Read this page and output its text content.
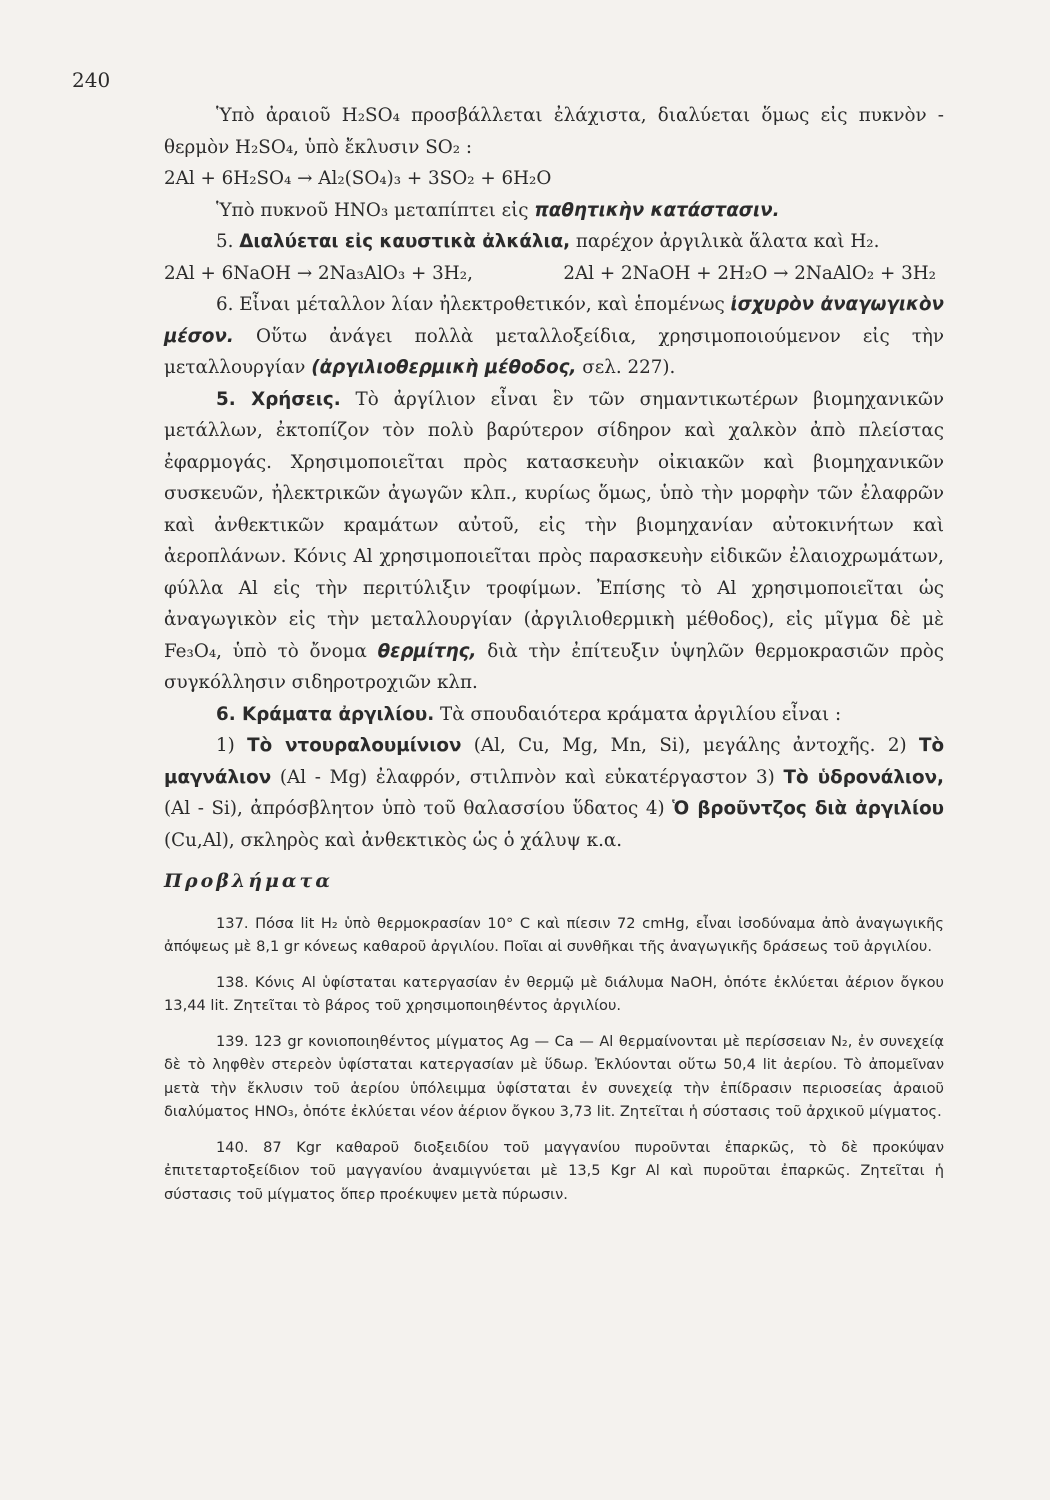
240

Ὑπὸ ἀραιοῦ H₂SO₄ προσβάλλεται ἐλάχιστα, διαλύεται ὅμως εἰς πυκνὸν - θερμὸν H₂SO₄, ὑπὸ ἔκλυσιν SO₂ :

2Al + 6H₂SO₄ → Al₂(SO₄)₃ + 3SO₂ + 6H₂O

Ὑπὸ πυκνοῦ HNO₃ μεταπίπτει εἰς παθητικὴν κατάστασιν.

5. Διαλύεται εἰς καυστικὰ ἀλκάλια, παρέχον ἀργιλικὰ ἅλατα καὶ H₂.

2Al + 6NaOH → 2Na₃AlO₃ + 3H₂,	2Al + 2NaOH + 2H₂O → 2NaAlO₂ + 3H₂

6. Εἶναι μέταλλον λίαν ἠλεκτροθετικόν, καὶ ἑπομένως ἰσχυρὸν ἀναγωγικὸν μέσον. Οὕτω ἀνάγει πολλὰ μεταλλοξείδια, χρησιμοποιούμενον εἰς τὴν μεταλλουργίαν (ἀργιλιοθερμικὴ μέθοδος, σελ. 227).

5. Χρήσεις. Τὸ ἀργίλιον εἶναι ἓν τῶν σημαντικωτέρων βιομηχανικῶν μετάλλων, ἐκτοπίζον τὸν πολὺ βαρύτερον σίδηρον καὶ χαλκὸν ἀπὸ πλείστας ἐφαρμογάς. Χρησιμοποιεῖται πρὸς κατασκευὴν οἰκιακῶν καὶ βιομηχανικῶν συσκευῶν, ἠλεκτρικῶν ἀγωγῶν κλπ., κυρίως ὅμως, ὑπὸ τὴν μορφὴν τῶν ἐλαφρῶν καὶ ἀνθεκτικῶν κραμάτων αὐτοῦ, εἰς τὴν βιομηχανίαν αὐτοκινήτων καὶ ἀεροπλάνων. Κόνις Al χρησιμοποιεῖται πρὸς παρασκευὴν εἰδικῶν ἐλαιοχρωμάτων, φύλλα Al εἰς τὴν περιτύλιξιν τροφίμων. Ἐπίσης τὸ Al χρησιμοποιεῖται ὡς ἀναγωγικὸν εἰς τὴν μεταλλουργίαν (ἀργιλιοθερμικὴ μέθοδος), εἰς μῖγμα δὲ μὲ Fe₃O₄, ὑπὸ τὸ ὄνομα θερμίτης, διὰ τὴν ἐπίτευξιν ὑψηλῶν θερμοκρασιῶν πρὸς συγκόλλησιν σιδηροτροχιῶν κλπ.

6. Κράματα ἀργιλίου. Τὰ σπουδαιότερα κράματα ἀργιλίου εἶναι :

1) Τὸ ντουραλουμίνιον (Al, Cu, Mg, Mn, Si), μεγάλης ἀντοχῆς. 2) Τὸ μαγνάλιον (Al - Mg) ἐλαφρόν, στιλπνὸν καὶ εὐκατέργαστον 3) Τὸ ὑδρονάλιον, (Al - Si), ἀπρόσβλητον ὑπὸ τοῦ θαλασσίου ὕδατος 4) Ὁ βροῦντζος διὰ ἀργιλίου (Cu,Al), σκληρὸς καὶ ἀνθεκτικὸς ὡς ὁ χάλυψ κ.α.

Προβλήματα

137. Πόσα lit H₂ ὑπὸ θερμοκρασίαν 10° C καὶ πίεσιν 72 cmHg, εἶναι ἰσοδύναμα ἀπὸ ἀναγωγικῆς ἀπόψεως μὲ 8,1 gr κόνεως καθαροῦ ἀργιλίου. Ποῖαι αἱ συνθῆκαι τῆς ἀναγωγικῆς δράσεως τοῦ ἀργιλίου.

138. Κόνις Al ὑφίσταται κατεργασίαν ἐν θερμῷ μὲ διάλυμα NaOH, ὁπότε ἐκλύεται ἀέριον ὄγκου 13,44 lit. Ζητεῖται τὸ βάρος τοῦ χρησιμοποιηθέντος ἀργιλίου.

139. 123 gr κονιοποιηθέντος μίγματος Ag — Ca — Al θερμαίνονται μὲ περίσσειαν N₂, ἐν συνεχείᾳ δὲ τὸ ληφθὲν στερεὸν ὑφίσταται κατεργασίαν μὲ ὕδωρ. Ἐκλύονται οὕτω 50,4 lit ἀερίου. Τὸ ἀπομεῖναν μετὰ τὴν ἔκλυσιν τοῦ ἀερίου ὑπόλειμμα ὑφίσταται ἐν συνεχείᾳ τὴν ἐπίδρασιν περιοσείας ἀραιοῦ διαλύματος HNO₃, ὁπότε ἐκλύεται νέον ἀέριον ὄγκου 3,73 lit. Ζητεῖται ἡ σύστασις τοῦ ἀρχικοῦ μίγματος.

140. 87 Kgr καθαροῦ διοξειδίου τοῦ μαγγανίου πυροῦνται ἐπαρκῶς, τὸ δὲ προκύψαν ἐπιτεταρτοξείδιον τοῦ μαγγανίου ἀναμιγνύεται μὲ 13,5 Kgr Al καὶ πυροῦται ἐπαρκῶς. Ζητεῖται ἡ σύστασις τοῦ μίγματος ὅπερ προέκυψεν μετὰ πύρωσιν.
